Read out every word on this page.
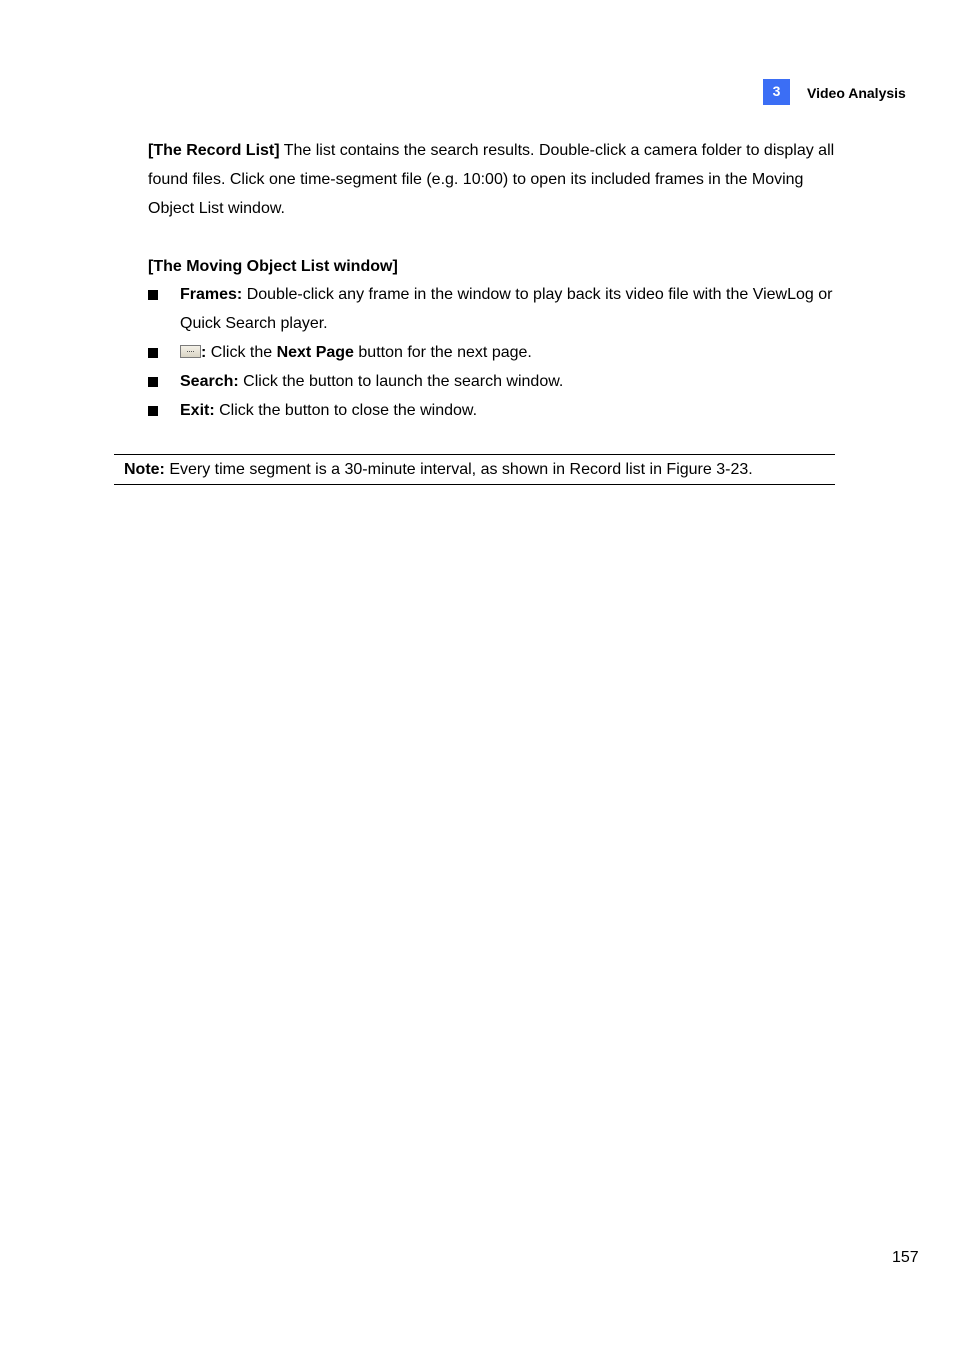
3	Video Analysis
[The Record List] The list contains the search results. Double-click a camera folder to display all found files. Click one time-segment file (e.g. 10:00) to open its included frames in the Moving Object List window.
[The Moving Object List window]
Frames: Double-click any frame in the window to play back its video file with the ViewLog or Quick Search player.
: Click the Next Page button for the next page.
Search: Click the button to launch the search window.
Exit: Click the button to close the window.
Note: Every time segment is a 30-minute interval, as shown in Record list in Figure 3-23.
157
